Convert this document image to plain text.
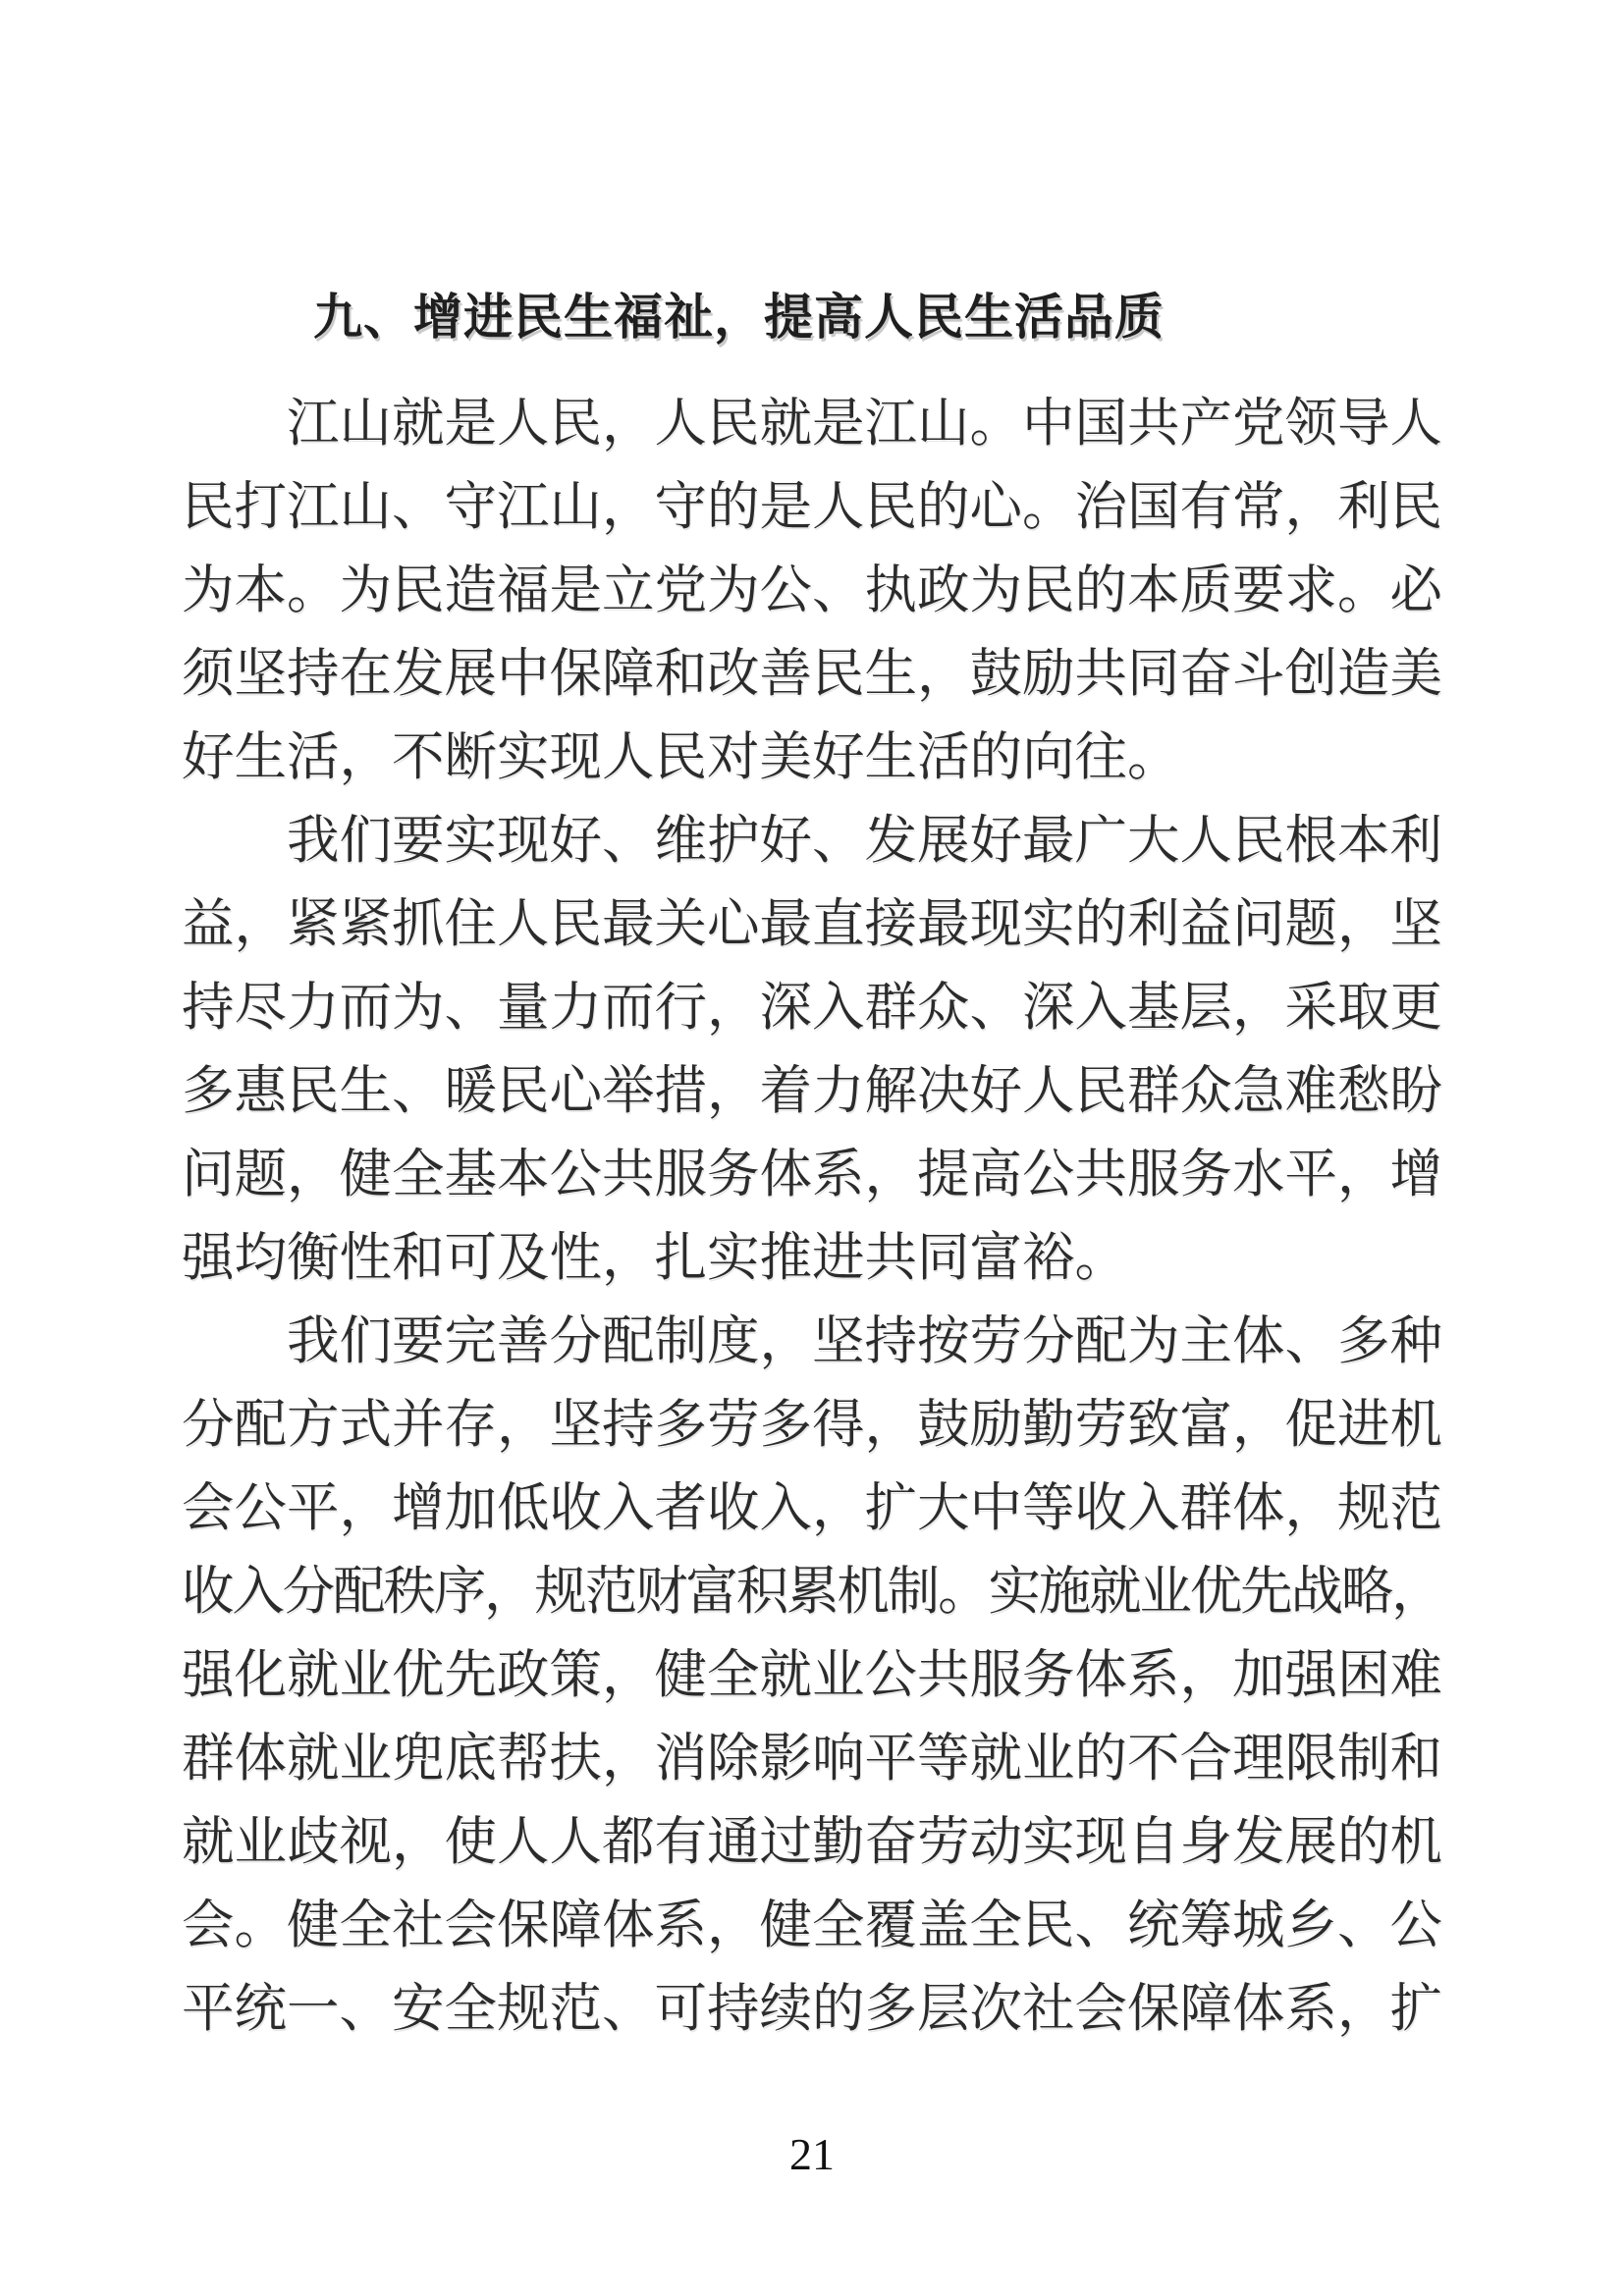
九、增进民生福祉，提高人民生活品质
江山就是人民，人民就是江山。中国共产党领导人
民打江山、守江山，守的是人民的心。治国有常，利民
为本。为民造福是立党为公、执政为民的本质要求。必
须坚持在发展中保障和改善民生，鼓励共同奋斗创造美
好生活，不断实现人民对美好生活的向往。
我们要实现好、维护好、发展好最广大人民根本利
益，紧紧抓住人民最关心最直接最现实的利益问题，坚
持尽力而为、量力而行，深入群众、深入基层，采取更
多惠民生、暖民心举措，着力解决好人民群众急难愁盼
问题，健全基本公共服务体系，提高公共服务水平，增
强均衡性和可及性，扎实推进共同富裕。
我们要完善分配制度，坚持按劳分配为主体、多种
分配方式并存，坚持多劳多得，鼓励勤劳致富，促进机
会公平，增加低收入者收入，扩大中等收入群体，规范
收入分配秩序，规范财富积累机制。实施就业优先战略，
强化就业优先政策，健全就业公共服务体系，加强困难
群体就业兜底帮扶，消除影响平等就业的不合理限制和
就业歧视，使人人都有通过勤奋劳动实现自身发展的机
会。健全社会保障体系，健全覆盖全民、统筹城乡、公
平统一、安全规范、可持续的多层次社会保障体系，扩
21
